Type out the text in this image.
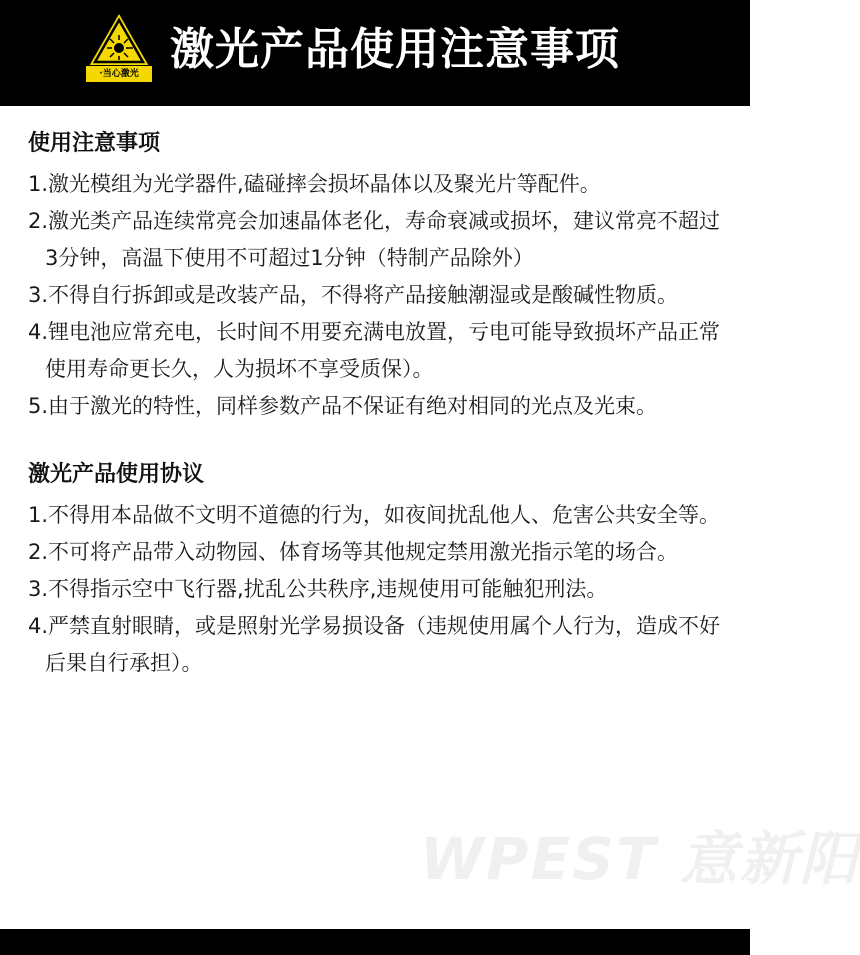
·当心激光 激光产品使用注意事项
使用注意事项

1.激光模组为光学器件,磕碰摔会损坏晶体以及聚光片等配件。

2.激光类产品连续常亮会加速晶体老化，寿命衰减或损坏，建议常亮不超过3分钟，高温下使用不可超过1分钟（特制产品除外）

3.不得自行拆卸或是改装产品，不得将产品接触潮湿或是酸碱性物质。

4.锂电池应常充电，长时间不用要充满电放置，亏电可能导致损坏产品正常使用寿命更长久，人为损坏不享受质保）。

5.由于激光的特性，同样参数产品不保证有绝对相同的光点及光束。

激光产品使用协议

1.不得用本品做不文明不道德的行为，如夜间扰乱他人、危害公共安全等。

2.不可将产品带入动物园、体育场等其他规定禁用激光指示笔的场合。

3.不得指示空中飞行器,扰乱公共秩序,违规使用可能触犯刑法。

4.严禁直射眼睛，或是照射光学易损设备（违规使用属个人行为，造成不好后果自行承担）。

WPEST 意新阳
